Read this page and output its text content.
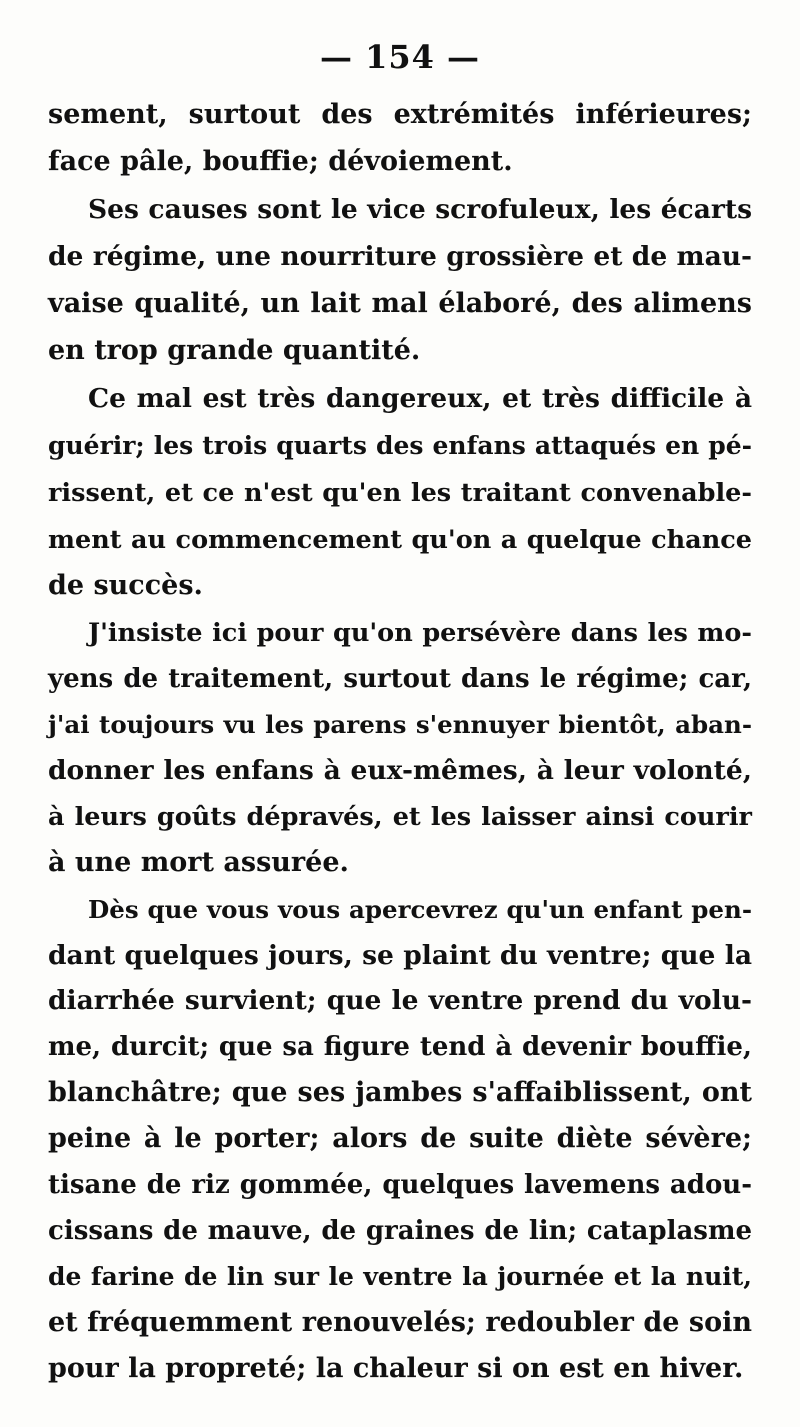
— 154 —
sement, surtout des extrémités inférieures;
face pâle, bouffie; dévoiement.
Ses causes sont le vice scrofuleux, les écarts
de régime, une nourriture grossière et de mau-
vaise qualité, un lait mal élaboré, des alimens
en trop grande quantité.
Ce mal est très dangereux, et très difficile à
guérir; les trois quarts des enfans attaqués en pé-
rissent, et ce n'est qu'en les traitant convenable-
ment au commencement qu'on a quelque chance
de succès.
J'insiste ici pour qu'on persévère dans les mo-
yens de traitement, surtout dans le régime; car,
j'ai toujours vu les parens s'ennuyer bientôt, aban-
donner les enfans à eux-mêmes, à leur volonté,
à leurs goûts dépravés, et les laisser ainsi courir
à une mort assurée.
Dès que vous vous apercevrez qu'un enfant pen-
dant quelques jours, se plaint du ventre; que la
diarrhée survient; que le ventre prend du volu-
me, durcit; que sa figure tend à devenir bouffie,
blanchâtre; que ses jambes s'affaiblissent, ont
peine à le porter; alors de suite diète sévère;
tisane de riz gommée, quelques lavemens adou-
cissans de mauve, de graines de lin; cataplasme
de farine de lin sur le ventre la journée et la nuit,
et fréquemment renouvelés; redoubler de soin
pour la propreté; la chaleur si on est en hiver.
